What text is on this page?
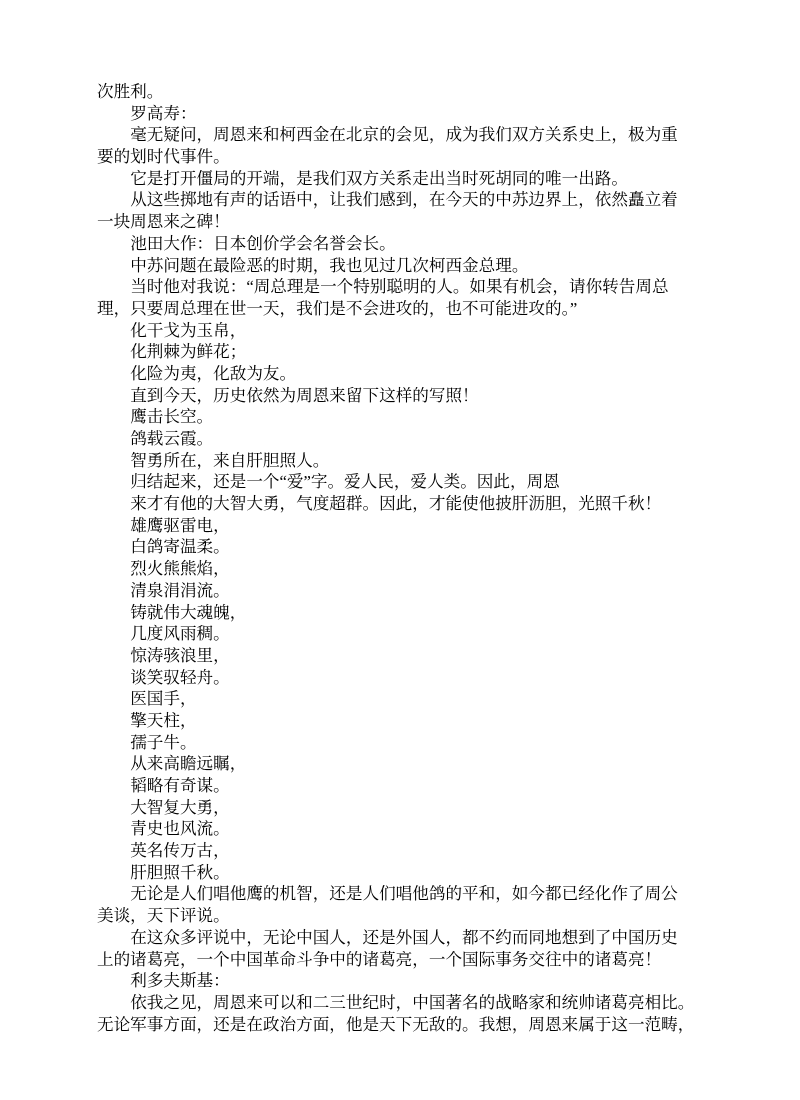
次胜利。
罗高寿：
毫无疑问，周恩来和柯西金在北京的会见，成为我们双方关系史上，极为重
要的划时代事件。
它是打开僵局的开端，是我们双方关系走出当时死胡同的唯一出路。
从这些掷地有声的话语中，让我们感到，在今天的中苏边界上，依然矗立着
一块周恩来之碑！
池田大作：日本创价学会名誉会长。
中苏问题在最险恶的时期，我也见过几次柯西金总理。
当时他对我说：“周总理是一个特别聪明的人。如果有机会，请你转告周总
理，只要周总理在世一天，我们是不会进攻的，也不可能进攻的。”
化干戈为玉帛，
化荆棘为鲜花；
化险为夷，化敌为友。
直到今天，历史依然为周恩来留下这样的写照！
鹰击长空。
鸽载云霞。
智勇所在，来自肝胆照人。
归结起来，还是一个“爱”字。爱人民，爱人类。因此，周恩
来才有他的大智大勇，气度超群。因此，才能使他披肝沥胆，光照千秋！
雄鹰驱雷电，
白鸽寄温柔。
烈火熊熊焰，
清泉涓涓流。
铸就伟大魂魄，
几度风雨稠。
惊涛骇浪里，
谈笑驭轻舟。
医国手，
擎天柱，
孺子牛。
从来高瞻远瞩，
韬略有奇谋。
大智复大勇，
青史也风流。
英名传万古，
肝胆照千秋。
无论是人们唱他鹰的机智，还是人们唱他鸽的平和，如今都已经化作了周公
美谈，天下评说。
在这众多评说中，无论中国人，还是外国人，都不约而同地想到了中国历史
上的诸葛亮，一个中国革命斗争中的诸葛亮，一个国际事务交往中的诸葛亮！
利多夫斯基：
依我之见，周恩来可以和二三世纪时，中国著名的战略家和统帅诸葛亮相比。
无论军事方面，还是在政治方面，他是天下无敌的。我想，周恩来属于这一范畴，
